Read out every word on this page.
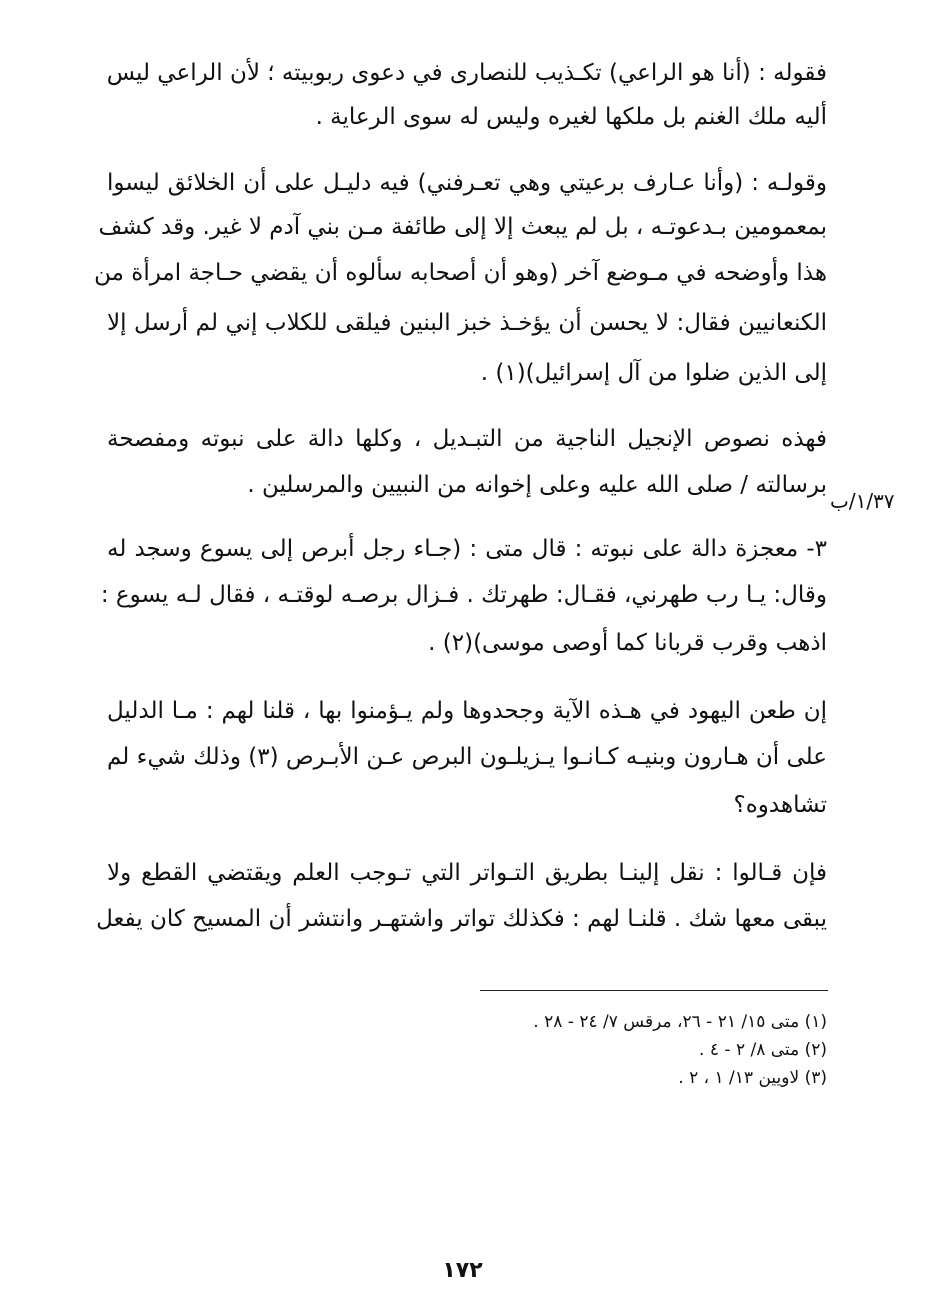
فقوله : (أنا هو الراعي) تكـذيب للنصارى في دعوى ربوبيته ؛ لأن الراعي ليس
أليه ملك الغنم بل ملكها لغيره وليس له سوى الرعاية .
وقولـه : (وأنا عـارف برعيتي وهي تعـرفني) فيه دليـل على أن الخلائق ليسوا
بمعمومين بـدعوتـه ، بل لم يبعث إلا إلى طائفة مـن بني آدم لا غير. وقد كشف
هذا وأوضحه في مـوضع آخر (وهو أن أصحابه سألوه أن يقضي حـاجة امرأة من
الكنعانيين فقال: لا يحسن أن يؤخـذ خبز البنين فيلقى للكلاب إني لم أرسل إلا
إلى الذين ضلوا من آل إسرائيل)(١) .
فهذه نصوص الإنجيل الناجية من التبـديل ، وكلها دالة على نبوته ومفصحة
برسالته / صلى الله عليه وعلى إخوانه من النبيين والمرسلين .
٣- معجزة دالة على نبوته : قال متى : (جـاء رجل أبرص إلى يسوع وسجد له
وقال: يـا رب طهرني، فقـال: طهرتك . فـزال برصـه لوقتـه ، فقال لـه يسوع :
اذهب وقرب قربانا كما أوصى موسى)(٢) .
إن طعن اليهود في هـذه الآية وجحدوها ولم يـؤمنوا بها ، قلنا لهم : مـا الدليل
على أن هـارون وبنيـه كـانـوا يـزيلـون البرص عـن الأبـرص (٣) وذلك شيء لم
تشاهدوه؟
فإن قـالوا : نقل إلينـا بطريق التـواتر التي تـوجب العلم ويقتضي القطع ولا
يبقى معها شك . قلنـا لهم : فكذلك تواتر واشتهـر وانتشر أن المسيح كان يفعل
١/٣٧/ب
(١) متى ١٥/ ٢١ - ٢٦، مرقس ٧/ ٢٤ - ٢٨ .
(٢) متى ٨/ ٢ - ٤ .
(٣) لاويين ١٣/ ١ ، ٢ .
١٧٢
